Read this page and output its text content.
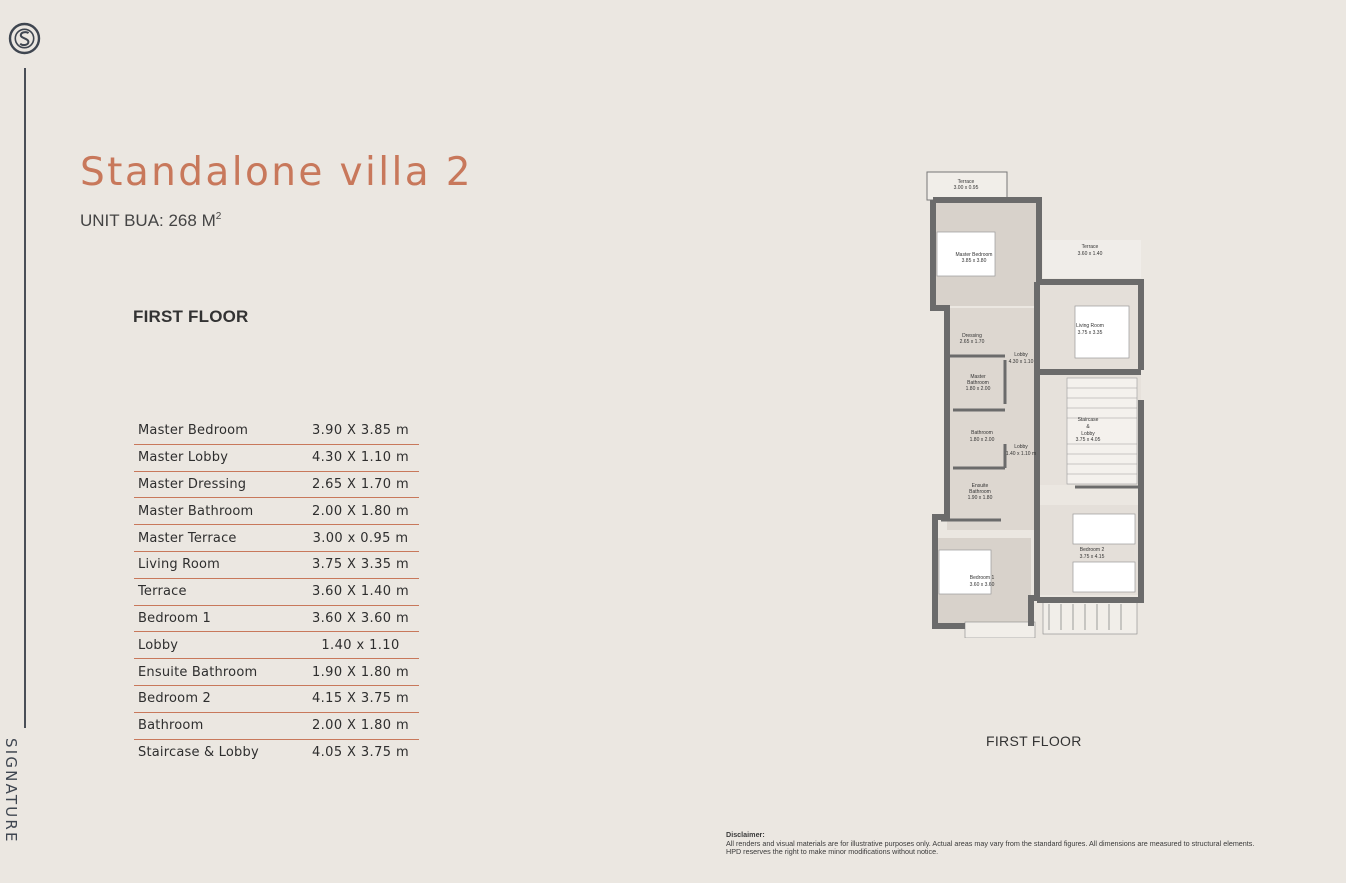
SIGNATURE
Standalone villa 2
UNIT BUA: 268 $M^2$
FIRST FLOOR
Master Bedroom	3.90 X 3.85 m
Master Lobby	4.30 X 1.10 m
Master Dressing	2.65 X 1.70 m
Master Bathroom	2.00 X 1.80 m
Master Terrace	3.00 x 0.95 m
Living Room	3.75 X 3.35 m
Terrace	3.60 X 1.40 m
Bedroom 1	3.60 X 3.60 m
Lobby	1.40 x 1.10
Ensuite Bathroom	1.90 X 1.80 m
Bedroom 2	4.15 X 3.75 m
Bathroom	2.00 X 1.80 m
Staircase & Lobby	4.05 X 3.75 m
Terrace
3.00 x 0.95
Master Bedroom
3.85 x 3.80
Terrace
3.60 x 1.40
Living Room
3.75 x 3.35
Dressing
2.65 x 1.70
Lobby
4.30 x 1.10
Master
Bathroom
1.80 x 2.00
Staircase
&
Lobby
3.75 x 4.05
Bathroom
1.80 x 2.00
Lobby
1.40 x 1.10 m
Ensuite
Bathroom
1.90 x 1.80
Bedroom 2
3.75 x 4.15
Bedroom 1
3.60 x 3.60
FIRST FLOOR
Disclaimer:
All renders and visual materials are for illustrative purposes only. Actual areas may vary from the standard figures. All dimensions are measured to structural elements.
HPD reserves the right to make minor modifications without notice.
